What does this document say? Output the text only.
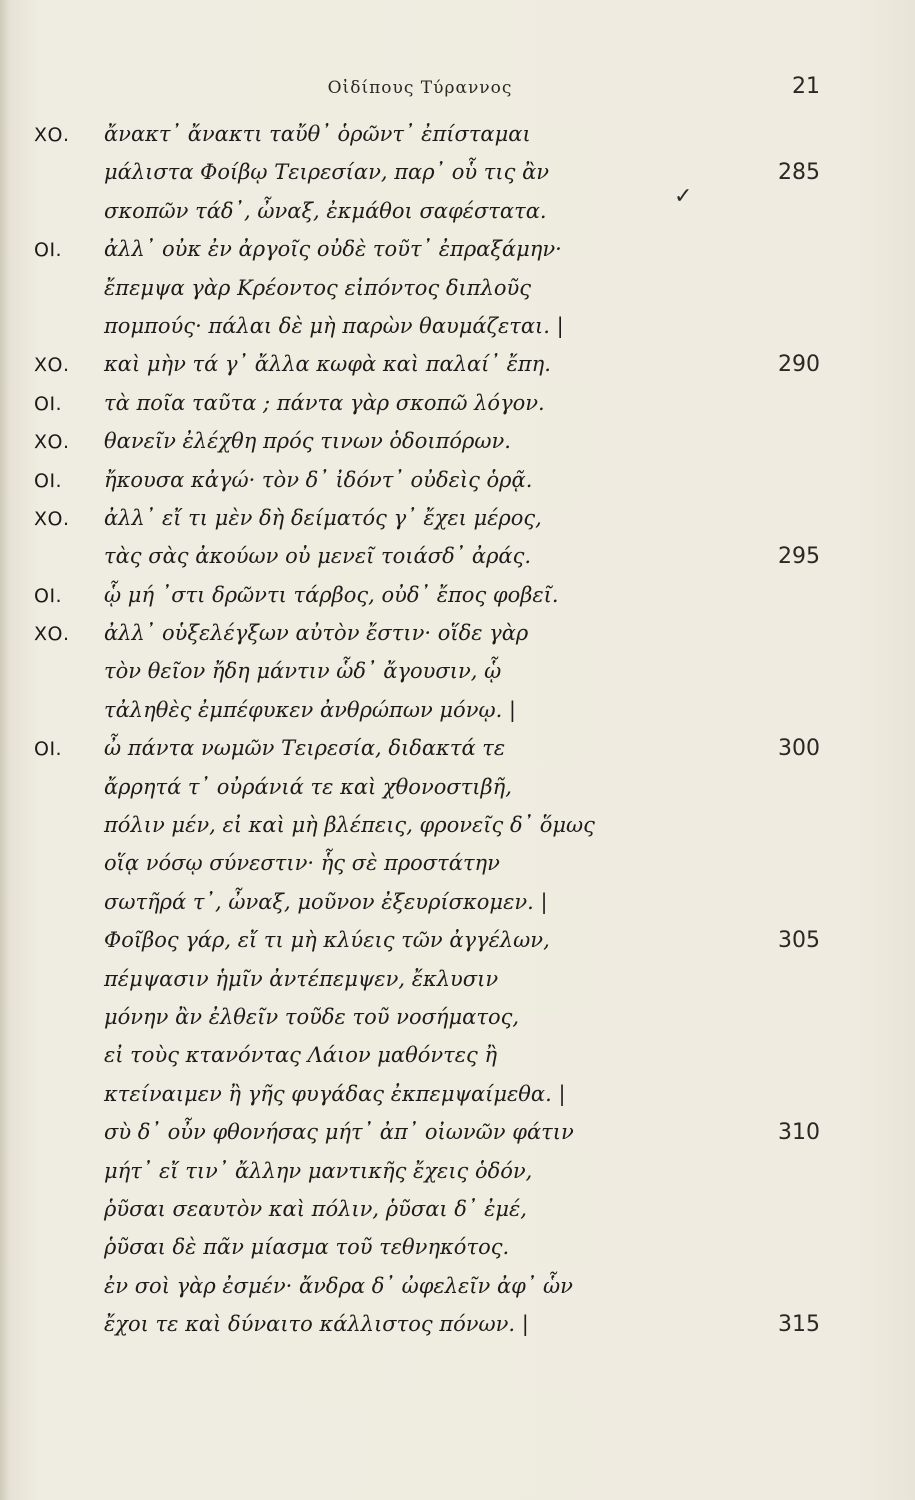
Οἰδίπους Τύραννος	21
ΧΟ. ἄνακτ᾽ ἄνακτι ταὔθ᾽ ὁρῶντ᾽ ἐπίσταμαι
μάλιστα Φοίβῳ Τειρεσίαν, παρ᾽ οὗ τις ἂν	285
σκοπῶν τάδ᾽, ὦναξ, ἐκμάθοι σαφέστατα.
ΟΙ. ἀλλ᾽ οὐκ ἐν ἀργοῖς οὐδὲ τοῦτ᾽ ἐπραξάμην·
ἔπεμψα γὰρ Κρέοντος εἰπόντος διπλοῦς
πομπούς· πάλαι δὲ μὴ παρὼν θαυμάζεται. |
ΧΟ. καὶ μὴν τά γ᾽ ἄλλα κωφὰ καὶ παλαί᾽ ἔπη.	290
ΟΙ. τὰ ποῖα ταῦτα ; πάντα γὰρ σκοπῶ λόγον.
ΧΟ. θανεῖν ἐλέχθη πρός τινων ὁδοιπόρων.
ΟΙ. ἤκουσα κἀγώ· τὸν δ᾽ ἰδόντ᾽ οὐδεὶς ὁρᾷ.
ΧΟ. ἀλλ᾽ εἴ τι μὲν δὴ δείματός γ᾽ ἔχει μέρος,
τὰς σὰς ἀκούων οὐ μενεῖ τοιάσδ᾽ ἀράς.	295
ΟΙ. ᾧ μή ᾽στι δρῶντι τάρβος, οὐδ᾽ ἔπος φοβεῖ.
ΧΟ. ἀλλ᾽ οὑξελέγξων αὐτὸν ἔστιν· οἵδε γὰρ
τὸν θεῖον ἤδη μάντιν ὧδ᾽ ἄγουσιν, ᾧ
τἀληθὲς ἐμπέφυκεν ἀνθρώπων μόνῳ. |
ΟΙ. ὦ πάντα νωμῶν Τειρεσία, διδακτά τε	300
ἄρρητά τ᾽ οὐράνιά τε καὶ χθονοστιβῆ,
πόλιν μέν, εἰ καὶ μὴ βλέπεις, φρονεῖς δ᾽ ὅμως
οἵᾳ νόσῳ σύνεστιν· ἧς σὲ προστάτην
σωτῆρά τ᾽, ὦναξ, μοῦνον ἐξευρίσκομεν. |
Φοῖβος γάρ, εἴ τι μὴ κλύεις τῶν ἀγγέλων,	305
πέμψασιν ἡμῖν ἀντέπεμψεν, ἔκλυσιν
μόνην ἂν ἐλθεῖν τοῦδε τοῦ νοσήματος,
εἰ τοὺς κτανόντας Λάιον μαθόντες ἢ
κτείναιμεν ἢ γῆς φυγάδας ἐκπεμψαίμεθα. |
σὺ δ᾽ οὖν φθονήσας μήτ᾽ ἀπ᾽ οἰωνῶν φάτιν	310
μήτ᾽ εἴ τιν᾽ ἄλλην μαντικῆς ἔχεις ὁδόν,
ῥῦσαι σεαυτὸν καὶ πόλιν, ῥῦσαι δ᾽ ἐμέ,
ῥῦσαι δὲ πᾶν μίασμα τοῦ τεθνηκότος.
ἐν σοὶ γὰρ ἐσμέν· ἄνδρα δ᾽ ὠφελεῖν ἀφ᾽ ὧν
ἔχοι τε καὶ δύναιτο κάλλιστος πόνων. |	315
✓
